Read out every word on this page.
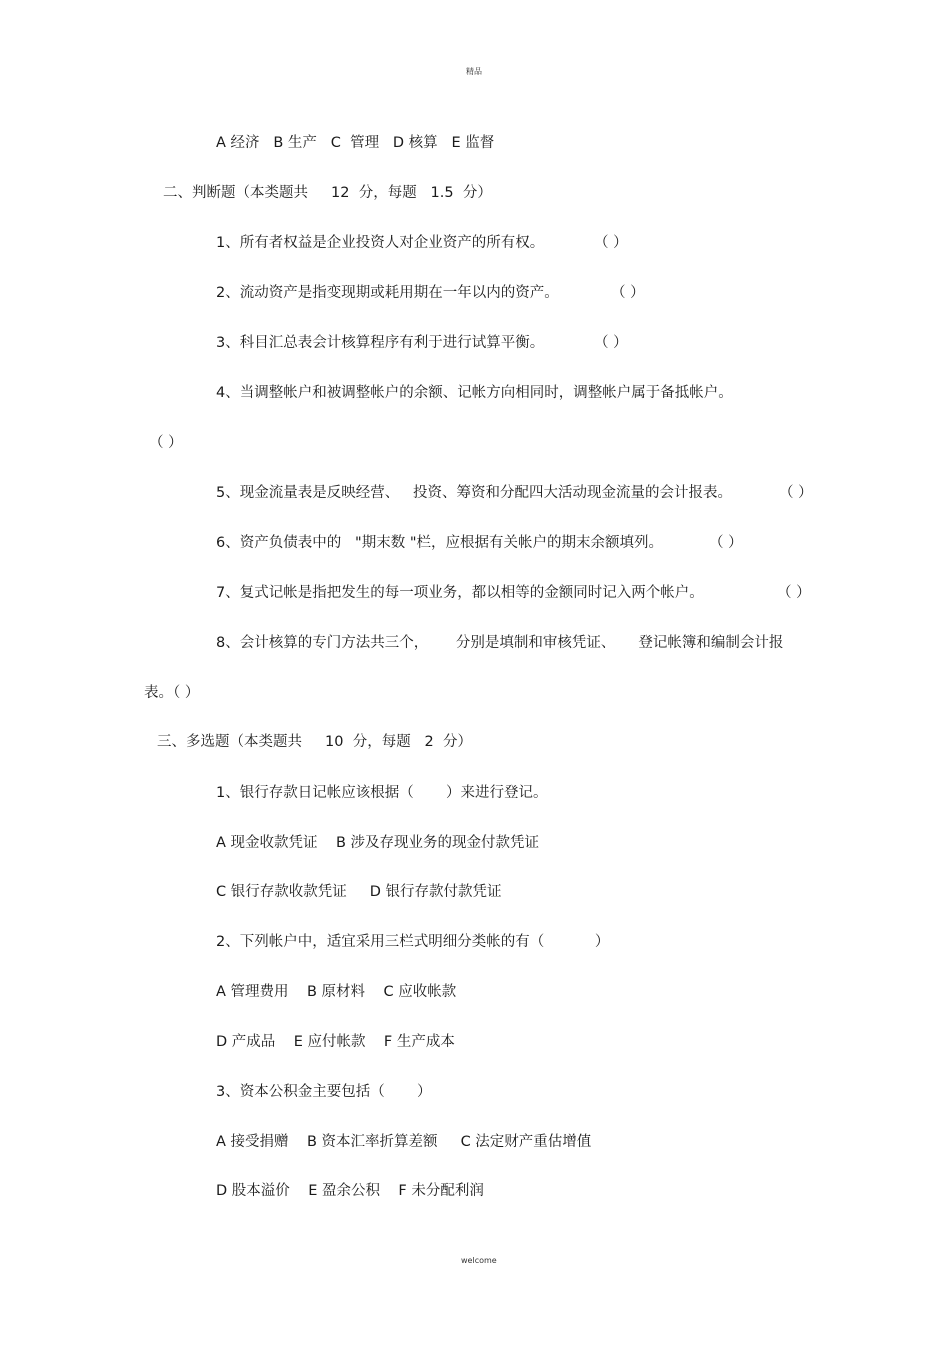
精品
A 经济   B 生产   C  管理   D 核算   E 监督
二、判断题（本类题共     12  分，每题   1.5  分）
1、所有者权益是企业投资人对企业资产的所有权。	（ ）
2、流动资产是指变现期或耗用期在一年以内的资产。	（ ）
3、科目汇总表会计核算程序有利于进行试算平衡。	（ ）
4、当调整帐户和被调整帐户的余额、记帐方向相同时，调整帐户属于备抵帐户。
（ ）
5、现金流量表是反映经营、   投资、筹资和分配四大活动现金流量的会计报表。	（ ）
6、资产负债表中的   "期末数 "栏，应根据有关帐户的期末余额填列。	（ ）
7、复式记帐是指把发生的每一项业务，都以相等的金额同时记入两个帐户。	（ ）
8、会计核算的专门方法共三个，      分别是填制和审核凭证、     登记帐簿和编制会计报
表。（ ）
三、多选题（本类题共     10  分，每题   2  分）
1、银行存款日记帐应该根据（       ）来进行登记。
A 现金收款凭证    B 涉及存现业务的现金付款凭证
C 银行存款收款凭证     D 银行存款付款凭证
2、下列帐户中，适宜采用三栏式明细分类帐的有（           ）
A 管理费用    B 原材料    C 应收帐款
D 产成品    E 应付帐款    F 生产成本
3、资本公积金主要包括（       ）
A 接受捐赠    B 资本汇率折算差额     C 法定财产重估增值
D 股本溢价    E 盈余公积    F 未分配利润
welcome
